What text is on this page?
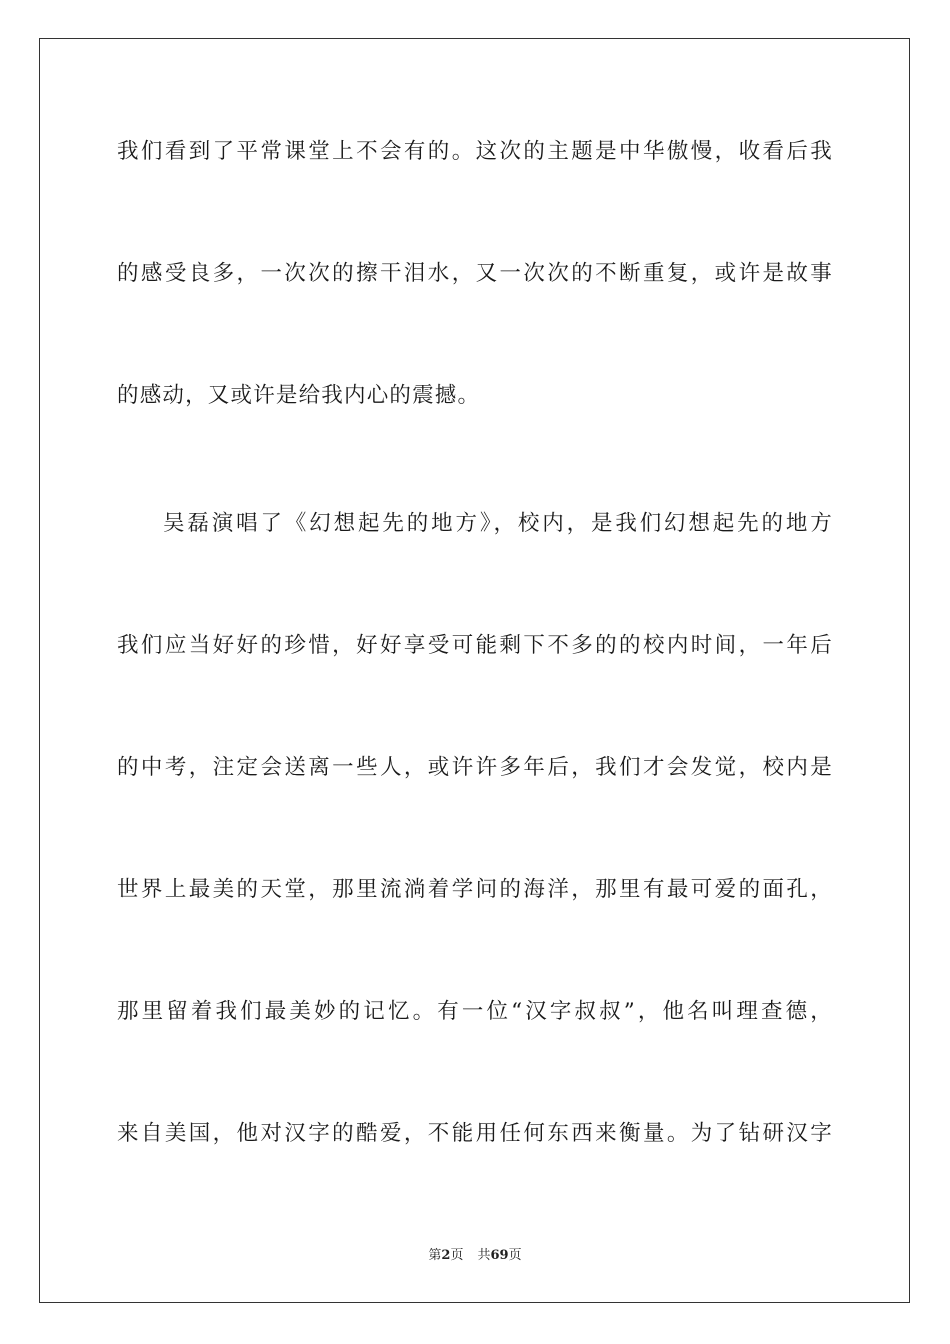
我们看到了平常课堂上不会有的。这次的主题是中华傲慢，收看后我
的感受良多，一次次的擦干泪水，又一次次的不断重复，或许是故事
的感动，又或许是给我内心的震撼。
吴磊演唱了《幻想起先的地方》，校内，是我们幻想起先的地方
我们应当好好的珍惜，好好享受可能剩下不多的的校内时间，一年后
的中考，注定会送离一些人，或许许多年后，我们才会发觉，校内是
世界上最美的天堂，那里流淌着学问的海洋，那里有最可爱的面孔，
那里留着我们最美妙的记忆。有一位“汉字叔叔”，他名叫理查德，
来自美国，他对汉字的酷爱，不能用任何东西来衡量。为了钻研汉字
第2页 共69页
